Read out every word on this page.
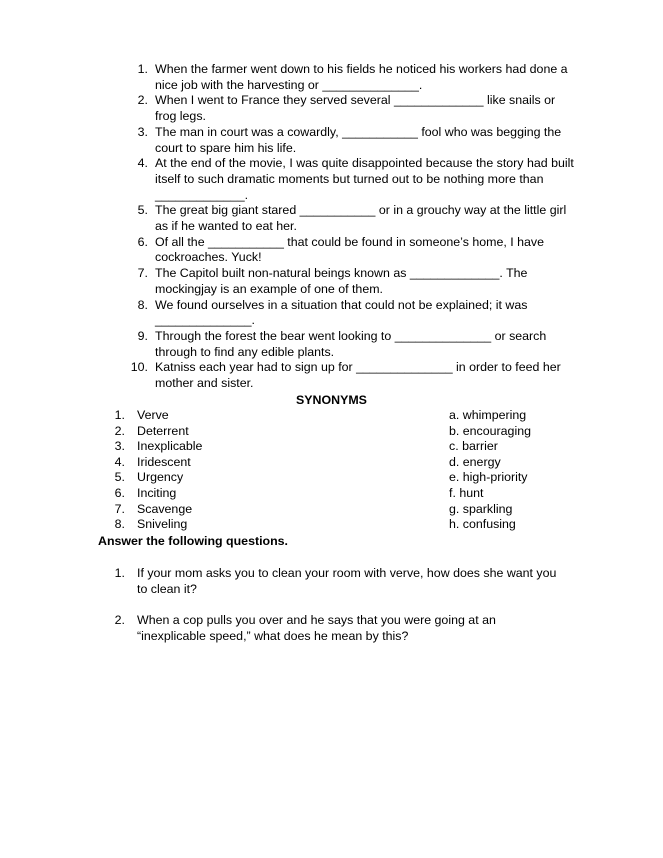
1. When the farmer went down to his fields he noticed his workers had done a nice job with the harvesting or ______________.
2. When I went to France they served several _____________ like snails or frog legs.
3. The man in court was a cowardly, ___________ fool who was begging the court to spare him his life.
4. At the end of the movie, I was quite disappointed because the story had built itself to such dramatic moments but turned out to be nothing more than _____________.
5. The great big giant stared ___________ or in a grouchy way at the little girl as if he wanted to eat her.
6. Of all the ___________ that could be found in someone’s home, I have cockroaches. Yuck!
7. The Capitol built non-natural beings known as _____________. The mockingjay is an example of one of them.
8. We found ourselves in a situation that could not be explained; it was ______________.
9. Through the forest the bear went looking to ______________ or search through to find any edible plants.
10. Katniss each year had to sign up for ______________ in order to feed her mother and sister.
SYNONYMS
1. Verve	a. whimpering
2. Deterrent	b. encouraging
3. Inexplicable	c. barrier
4. Iridescent	d. energy
5. Urgency	e. high-priority
6. Inciting	f. hunt
7. Scavenge	g. sparkling
8. Sniveling	h. confusing
Answer the following questions.
1. If your mom asks you to clean your room with verve, how does she want you to clean it?
2. When a cop pulls you over and he says that you were going at an “inexplicable speed,” what does he mean by this?
